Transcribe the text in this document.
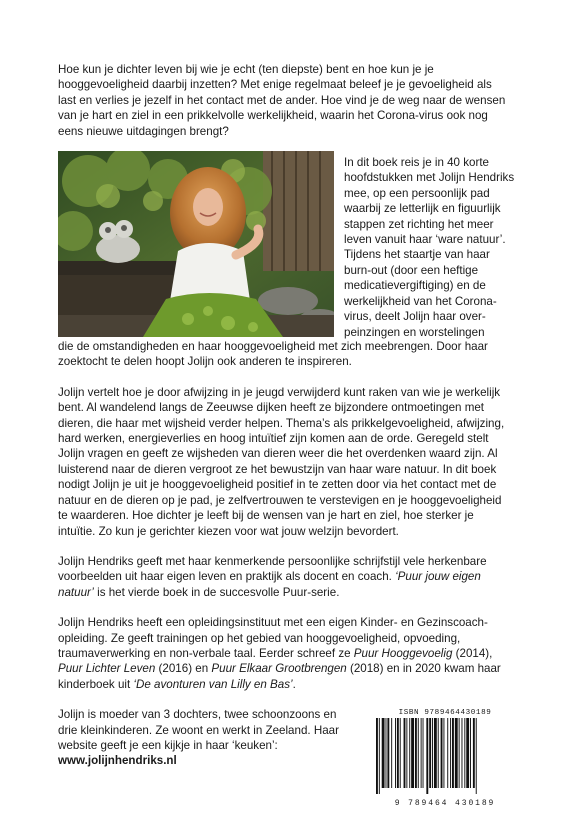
Hoe kun je dichter leven bij wie je echt (ten diepste) bent en hoe kun je je hooggevoeligheid daarbij inzetten? Met enige regelmaat beleef je je gevoeligheid als last en verlies je jezelf in het contact met de ander. Hoe vind je de weg naar de wensen van je hart en ziel in een prikkelvolle werkelijkheid, waarin het Corona-virus ook nog eens nieuwe uitdagingen brengt?

In dit boek reis je in 40 korte hoofdstukken met Jolijn Hendriks mee, op een persoonlijk pad waarbij ze letterlijk en figuurlijk stappen zet richting het meer leven vanuit haar ‘ware natuur’. Tijdens het staartje van haar burn-out (door een heftige medicatievergiftiging) en de werkelijkheid van het Corona-virus, deelt Jolijn haar over-peinzingen en worstelingen

die de omstandigheden en haar hooggevoeligheid met zich meebrengen. Door haar zoektocht te delen hoopt Jolijn ook anderen te inspireren.

Jolijn vertelt hoe je door afwijzing in je jeugd verwijderd kunt raken van wie je werkelijk bent. Al wandelend langs de Zeeuwse dijken heeft ze bijzondere ontmoetingen met dieren, die haar met wijsheid verder helpen. Thema’s als prikkelgevoeligheid, afwijzing, hard werken, energieverlies en hoog intuïtief zijn komen aan de orde. Geregeld stelt Jolijn vragen en geeft ze wijsheden van dieren weer die het overdenken waard zijn. Al luisterend naar de dieren vergroot ze het bewustzijn van haar ware natuur. In dit boek nodigt Jolijn je uit je hooggevoeligheid positief in te zetten door via het contact met de natuur en de dieren op je pad, je zelfvertrouwen te verstevigen en je hooggevoeligheid te waarderen. Hoe dichter je leeft bij de wensen van je hart en ziel, hoe sterker je intuïtie. Zo kun je gerichter kiezen voor wat jouw welzijn bevordert.

Jolijn Hendriks geeft met haar kenmerkende persoonlijke schrijfstijl vele herkenbare voorbeelden uit haar eigen leven en praktijk als docent en coach. ‘Puur jouw eigen natuur’ is het vierde boek in de succesvolle Puur-serie.

Jolijn Hendriks heeft een opleidingsinstituut met een eigen Kinder- en Gezinscoach-opleiding. Ze geeft trainingen op het gebied van hooggevoeligheid, opvoeding, traumaverwerking en non-verbale taal. Eerder schreef ze Puur Hooggevoelig (2014), Puur Lichter Leven (2016) en Puur Elkaar Grootbrengen (2018) en in 2020 kwam haar kinderboek uit ‘De avonturen van Lilly en Bas’.

Jolijn is moeder van 3 dochters, twee schoonzoons en drie kleinkinderen. Ze woont en werkt in Zeeland. Haar website geeft je een kijkje in haar ‘keuken’:
www.jolijnhendriks.nl
ISBN 9789464430189
9 789464 430189
